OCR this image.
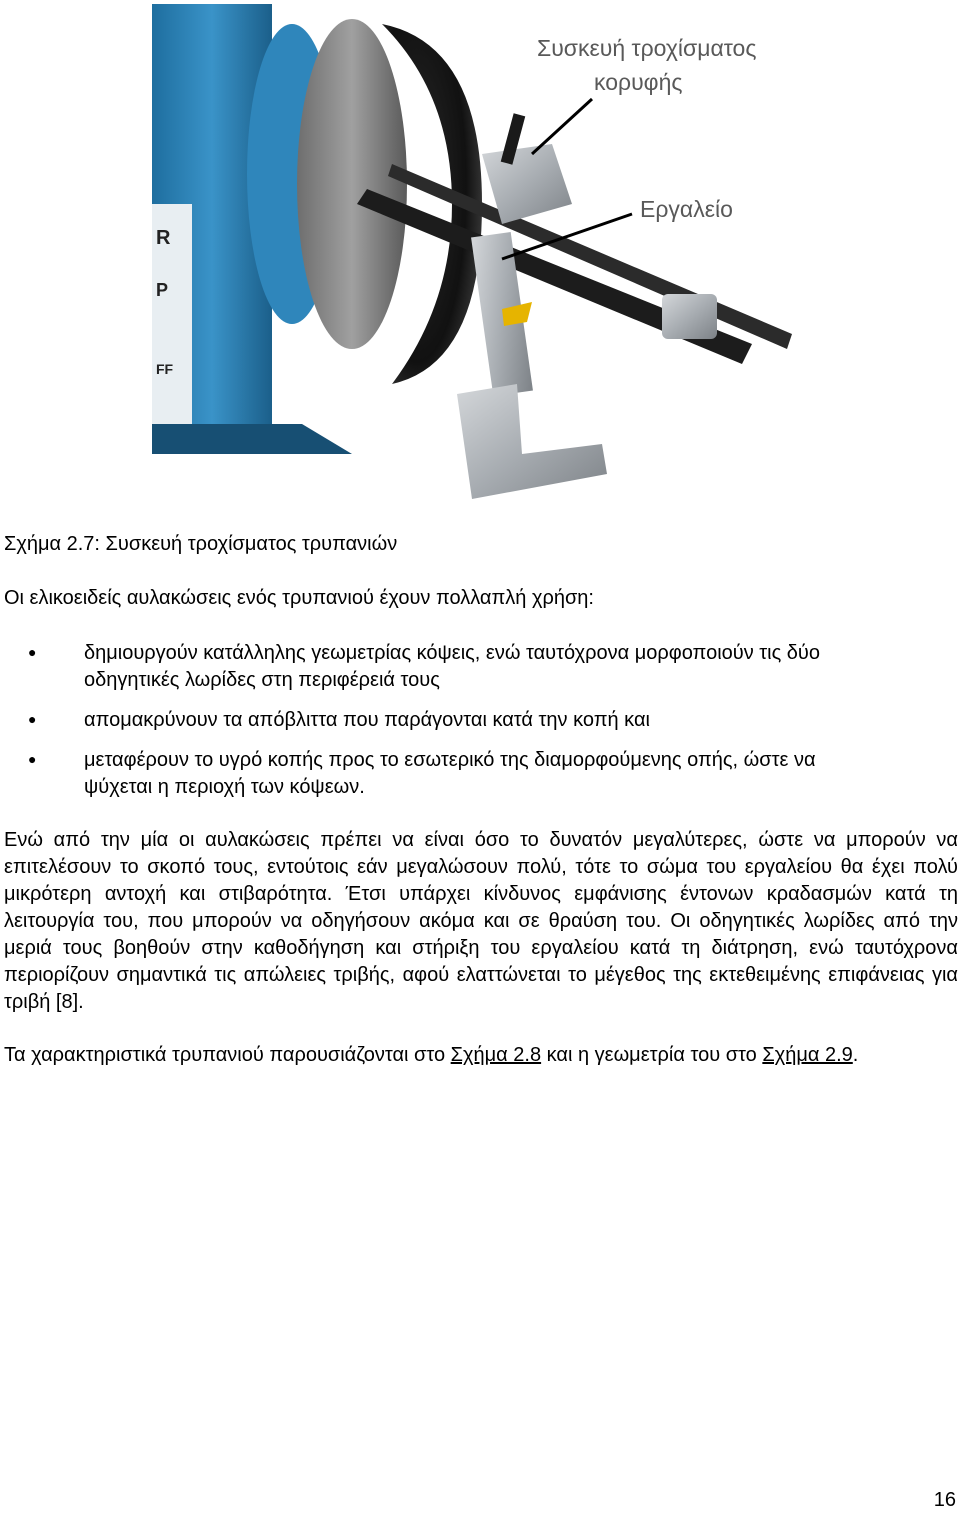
R
P
FF
Συσκευή τροχίσματος
κορυφής
Εργαλείο
Σχήμα 2.7: Συσκευή τροχίσματος τρυπανιών
Οι ελικοειδείς αυλακώσεις ενός τρυπανιού έχουν πολλαπλή χρήση:
● δημιουργούν κατάλληλης γεωμετρίας κόψεις, ενώ ταυτόχρονα μορφοποιούν τις δύο
οδηγητικές λωρίδες στη περιφέρειά τους
● απομακρύνουν τα απόβλιττα που παράγονται κατά την κοπή και
● μεταφέρουν το υγρό κοπής προς το εσωτερικό της διαμορφούμενης οπής, ώστε να
ψύχεται η περιοχή των κόψεων.
Ενώ από την μία οι αυλακώσεις πρέπει να είναι όσο το δυνατόν μεγαλύτερες, ώστε να μπορούν να επιτελέσουν το σκοπό τους, εντούτοις εάν μεγαλώσουν πολύ, τότε το σώμα του εργαλείου θα έχει πολύ μικρότερη αντοχή και στιβαρότητα. Έτσι υπάρχει κίνδυνος εμφάνισης έντονων κραδασμών κατά τη λειτουργία του, που μπορούν να οδηγήσουν ακόμα και σε θραύση του. Οι οδηγητικές λωρίδες από την μεριά τους βοηθούν στην καθοδήγηση και στήριξη του εργαλείου κατά τη διάτρηση, ενώ ταυτόχρονα περιορίζουν σημαντικά τις απώλειες τριβής, αφού ελαττώνεται το μέγεθος της εκτεθειμένης επιφάνειας για τριβή [8].
Τα χαρακτηριστικά τρυπανιού παρουσιάζονται στο Σχήμα 2.8 και η γεωμετρία του στο Σχήμα 2.9.
16
